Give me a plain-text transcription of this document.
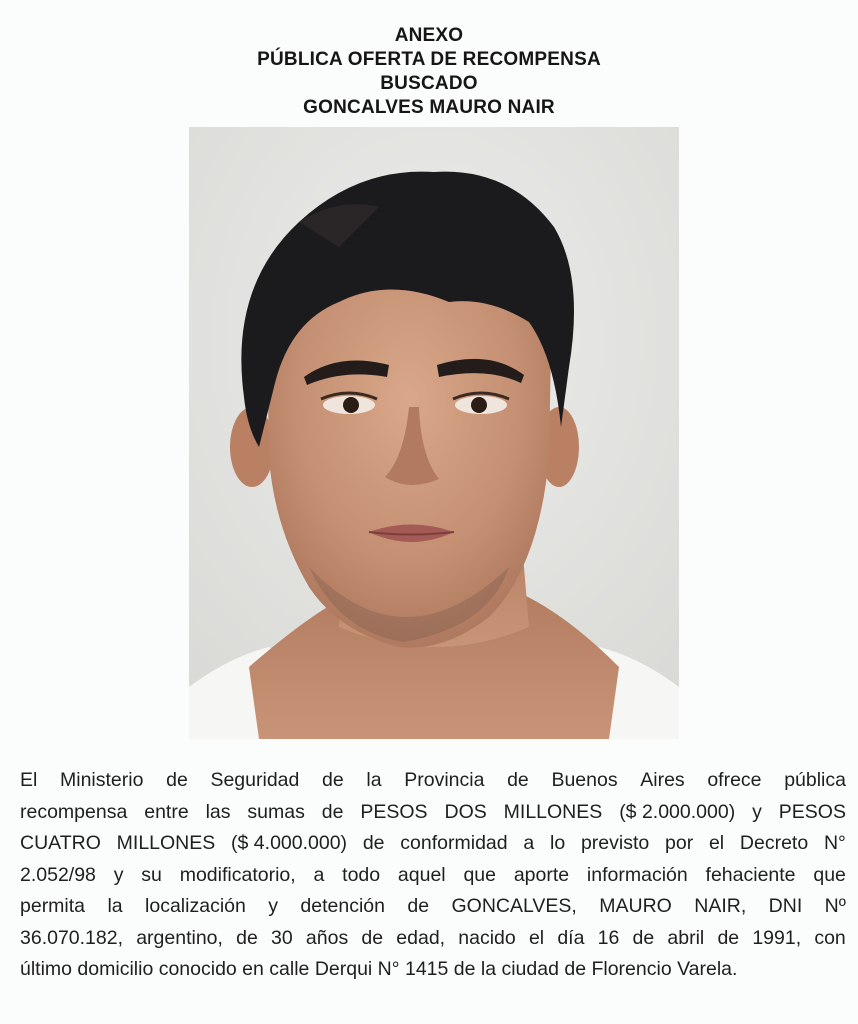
ANEXO
PÚBLICA OFERTA DE RECOMPENSA
BUSCADO
GONCALVES MAURO NAIR
El Ministerio de Seguridad de la Provincia de Buenos Aires ofrece pública
recompensa entre las sumas de PESOS DOS MILLONES ($ 2.000.000) y PESOS
CUATRO MILLONES ($ 4.000.000) de conformidad a lo previsto por el Decreto N°
2.052/98 y su modificatorio, a todo aquel que aporte información fehaciente que
permita la localización y detención de GONCALVES, MAURO NAIR, DNI Nº
36.070.182, argentino, de 30 años de edad, nacido el día 16 de abril de 1991, con
último domicilio conocido en calle Derqui N° 1415 de la ciudad de Florencio Varela.
